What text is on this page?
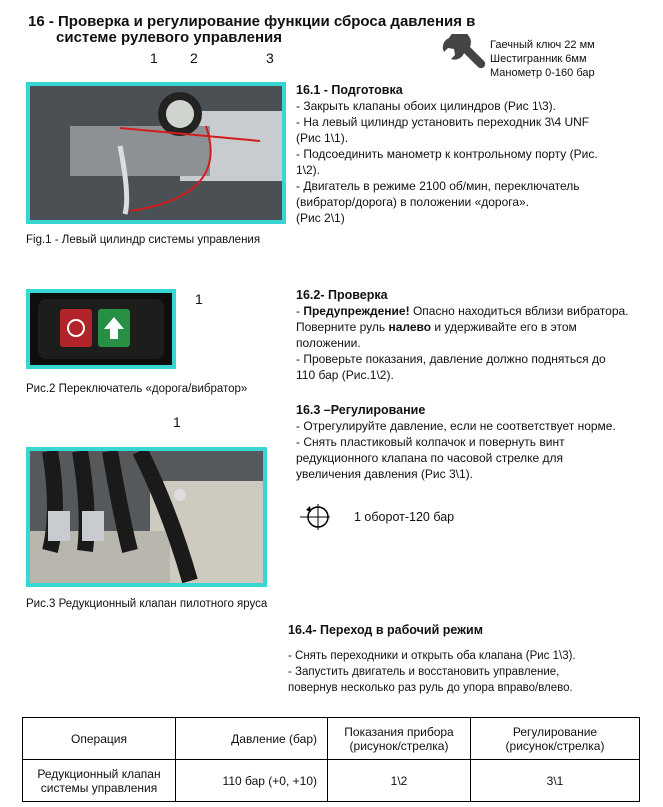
16 - Проверка и регулирование функции сброса давления в
системе рулевого управления	Гаечный ключ 22 мм
Шестигранник 6мм
Манометр 0-160 бар
1 2	3
Fig.1 - Левый цилиндр системы управления
16.1 - Подготовка

- Закрыть клапаны обоих цилиндров (Рис 1\3).

- На левый цилиндр установить переходник 3\4 UNF

(Рис 1\1).

- Подсоединить манометр к контрольному порту (Рис.

1\2).

- Двигатель в режиме 2100 об/мин, переключатель

(вибратор/дорога) в положении «дорога».

(Рис 2\1)

1
Рис.2 Переключатель «дорога/вибратор»
16.2- Проверка

- Предупреждение! Опасно находиться вблизи вибратора.

Поверните руль налево и удерживайте его в этом

положении.

- Проверьте показания, давление должно подняться до

110 бар (Рис.1\2).

1
Рис.3 Редукционный клапан пилотного яруса
16.3 –Регулирование

- Отрегулируйте давление, если не соответствует норме.

- Снять пластиковый колпачок и повернуть винт

редукционного клапана по часовой стрелке для

увеличения давления (Рис 3\1).

1 оборот-120 бар
16.4- Переход в рабочий режим

- Снять переходники и открыть оба клапана (Рис 1\3).

- Запустить двигатель и восстановить управление,

повернув несколько раз руль до упора вправо/влево.

Операция	Давление (бар)	Показания прибора
(рисунок/стрелка)	Регулирование
(рисунок/стрелка)
Редукционный клапан
системы управления	110 бар (+0, +10)	1\2	3\1
